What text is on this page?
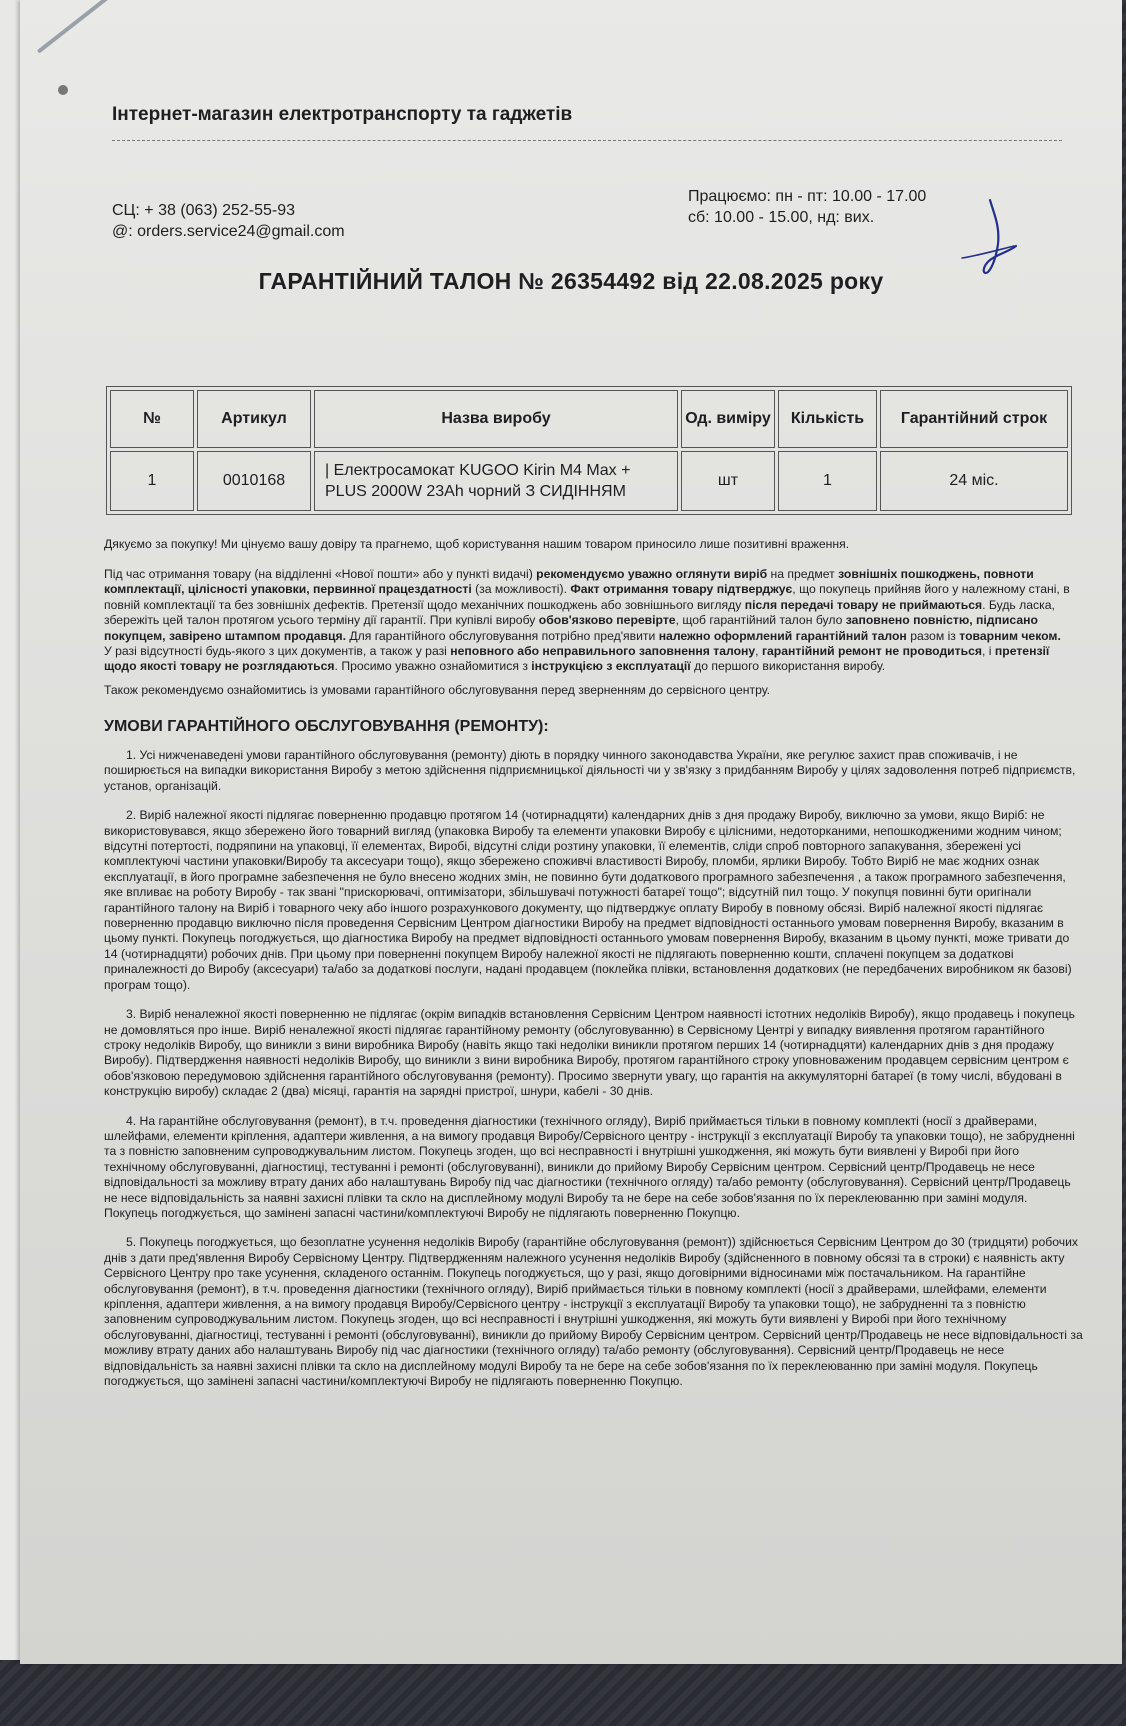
Інтернет-магазин електротранспорту та гаджетів
СЦ: + 38 (063) 252-55-93
@: orders.service24@gmail.com
Працюємо: пн - пт: 10.00 - 17.00
сб: 10.00 - 15.00, нд: вих.
ГАРАНТІЙНИЙ ТАЛОН № 26354492 від 22.08.2025 року
№	Артикул	Назва виробу	Од. виміру	Кількість	Гарантійний строк
1	0010168	| Електросамокат KUGOO Kirin M4 Max +
PLUS 2000W 23Ah чорний З СИДІННЯМ	шт	1	24 міс.
Дякуємо за покупку! Ми цінуємо вашу довіру та прагнемо, щоб користування нашим товаром приносило лише позитивні враження.
Під час отримання товару (на відділенні «Нової пошти» або у пункті видачі) рекомендуємо уважно оглянути виріб на предмет зовнішніх пошкоджень, повноти комплектації, цілісності упаковки, первинної працездатності (за можливості). Факт отримання товару підтверджує, що покупець прийняв його у належному стані, в повній комплектації та без зовнішніх дефектів. Претензії щодо механічних пошкоджень або зовнішнього вигляду після передачі товару не приймаються. Будь ласка, збережіть цей талон протягом усього терміну дії гарантії. При купівлі виробу обов'язково перевірте, щоб гарантійний талон було заповнено повністю, підписано покупцем, завірено штампом продавця. Для гарантійного обслуговування потрібно пред'явити належно оформлений гарантійний талон разом із товарним чеком.
У разі відсутності будь-якого з цих документів, а також у разі неповного або неправильного заповнення талону, гарантійний ремонт не проводиться, і претензії щодо якості товару не розглядаються. Просимо уважно ознайомитися з інструкцією з експлуатації до першого використання виробу.
Також рекомендуємо ознайомитись із умовами гарантійного обслуговування перед зверненням до сервісного центру.
УМОВИ ГАРАНТІЙНОГО ОБСЛУГОВУВАННЯ (РЕМОНТУ):

1. Усі нижченаведені умови гарантійного обслуговування (ремонту) діють в порядку чинного законодавства України, яке регулює захист прав споживачів, і не поширюється на випадки використання Виробу з метою здійснення підприємницької діяльності чи у зв'язку з придбанням Виробу у цілях задоволення потреб підприємств, установ, організацій.

2. Виріб належної якості підлягає поверненню продавцю протягом 14 (чотирнадцяти) календарних днів з дня продажу Виробу, виключно за умови, якщо Виріб: не використовувався, якщо збережено його товарний вигляд (упаковка Виробу та елементи упаковки Виробу є цілісними, недоторканими, непошкодженими жодним чином; відсутні потертості, подряпини на упаковці, її елементах, Виробі, відсутні сліди розтину упаковки, її елементів, сліди спроб повторного запакування, збережені усі комплектуючі частини упаковки/Виробу та аксесуари тощо), якщо збережено споживчі властивості Виробу, пломби, ярлики Виробу. Тобто Виріб не має жодних ознак експлуатації, в його програмне забезпечення не було внесено жодних змін, не повинно бути додаткового програмного забезпечення , а також програмного забезпечення, яке впливає на роботу Виробу - так звані "прискорювачі, оптимізатори, збільшувачі потужності батареї тощо"; відсутній пил тощо. У покупця повинні бути оригінали гарантійного талону на Виріб і товарного чеку або іншого розрахункового документу, що підтверджує оплату Виробу в повному обсязі. Виріб належної якості підлягає поверненню продавцю виключно після проведення Сервісним Центром діагностики Виробу на предмет відповідності останнього умовам повернення Виробу, вказаним в цьому пункті. Покупець погоджується, що діагностика Виробу на предмет відповідності останнього умовам повернення Виробу, вказаним в цьому пункті, може тривати до 14 (чотирнадцяти) робочих днів. При цьому при поверненні покупцем Виробу належної якості не підлягають поверненню кошти, сплачені покупцем за додаткові приналежності до Виробу (аксесуари) та/або за додаткові послуги, надані продавцем (поклейка плівки, встановлення додаткових (не передбачених виробником як базові) програм тощо).

3. Виріб неналежної якості поверненню не підлягає (окрім випадків встановлення Сервісним Центром наявності істотних недоліків Виробу), якщо продавець і покупець не домовляться про інше. Виріб неналежної якості підлягає гарантійному ремонту (обслуговуванню) в Сервісному Центрі у випадку виявлення протягом гарантійного строку недоліків Виробу, що виникли з вини виробника Виробу (навіть якщо такі недоліки виникли протягом перших 14 (чотирнадцяти) календарних днів з дня продажу Виробу). Підтвердження наявності недоліків Виробу, що виникли з вини виробника Виробу, протягом гарантійного строку уповноваженим продавцем сервісним центром є обов'язковою передумовою здійснення гарантійного обслуговування (ремонту). Просимо звернути увагу, що гарантія на аккумуляторні батареї (в тому числі, вбудовані в конструкцію виробу) складає 2 (два) місяці, гарантія на зарядні пристрої, шнури, кабелі - 30 днів.

4. На гарантійне обслуговування (ремонт), в т.ч. проведення діагностики (технічного огляду), Виріб приймається тільки в повному комплекті (носії з драйверами, шлейфами, елементи кріплення, адаптери живлення, а на вимогу продавця Виробу/Сервісного центру - інструкції з експлуатації Виробу та упаковки тощо), не забрудненні та з повністю заповненим супроводжувальним листом. Покупець згоден, що всі несправності і внутрішні ушкодження, які можуть бути виявлені у Виробі при його технічному обслуговуванні, діагностиці, тестуванні і ремонті (обслуговуванні), виникли до прийому Виробу Сервісним центром. Сервісний центр/Продавець не несе відповідальності за можливу втрату даних або налаштувань Виробу під час діагностики (технічного огляду) та/або ремонту (обслуговування). Сервісний центр/Продавець не несе відповідальність за наявні захисні плівки та скло на дисплейному модулі Виробу та не бере на себе зобов'язання по їх переклеюванню при заміні модуля. Покупець погоджується, що замінені запасні частини/комплектуючі Виробу не підлягають поверненню Покупцю.

5. Покупець погоджується, що безоплатне усунення недоліків Виробу (гарантійне обслуговування (ремонт)) здійснюється Сервісним Центром до 30 (тридцяти) робочих днів з дати пред'явлення Виробу Сервісному Центру. Підтвердженням належного усунення недоліків Виробу (здійсненного в повному обсязі та в строки) є наявність акту Сервісного Центру про таке усунення, складеного останнім. Покупець погоджується, що у разі, якщо договірними відносинами між постачальником. На гарантійне обслуговування (ремонт), в т.ч. проведення діагностики (технічного огляду), Виріб приймається тільки в повному комплекті (носії з драйверами, шлейфами, елементи кріплення, адаптери живлення, а на вимогу продавця Виробу/Сервісного центру - інструкції з експлуатації Виробу та упаковки тощо), не забрудненні та з повністю заповненим супроводжувальним листом. Покупець згоден, що всі несправності і внутрішні ушкодження, які можуть бути виявлені у Виробі при його технічному обслуговуванні, діагностиці, тестуванні і ремонті (обслуговуванні), виникли до прийому Виробу Сервісним центром. Сервісний центр/Продавець не несе відповідальності за можливу втрату даних або налаштувань Виробу під час діагностики (технічного огляду) та/або ремонту (обслуговування). Сервісний центр/Продавець не несе відповідальність за наявні захисні плівки та скло на дисплейному модулі Виробу та не бере на себе зобов'язання по їх переклеюванню при заміні модуля. Покупець погоджується, що замінені запасні частини/комплектуючі Виробу не підлягають поверненню Покупцю.
